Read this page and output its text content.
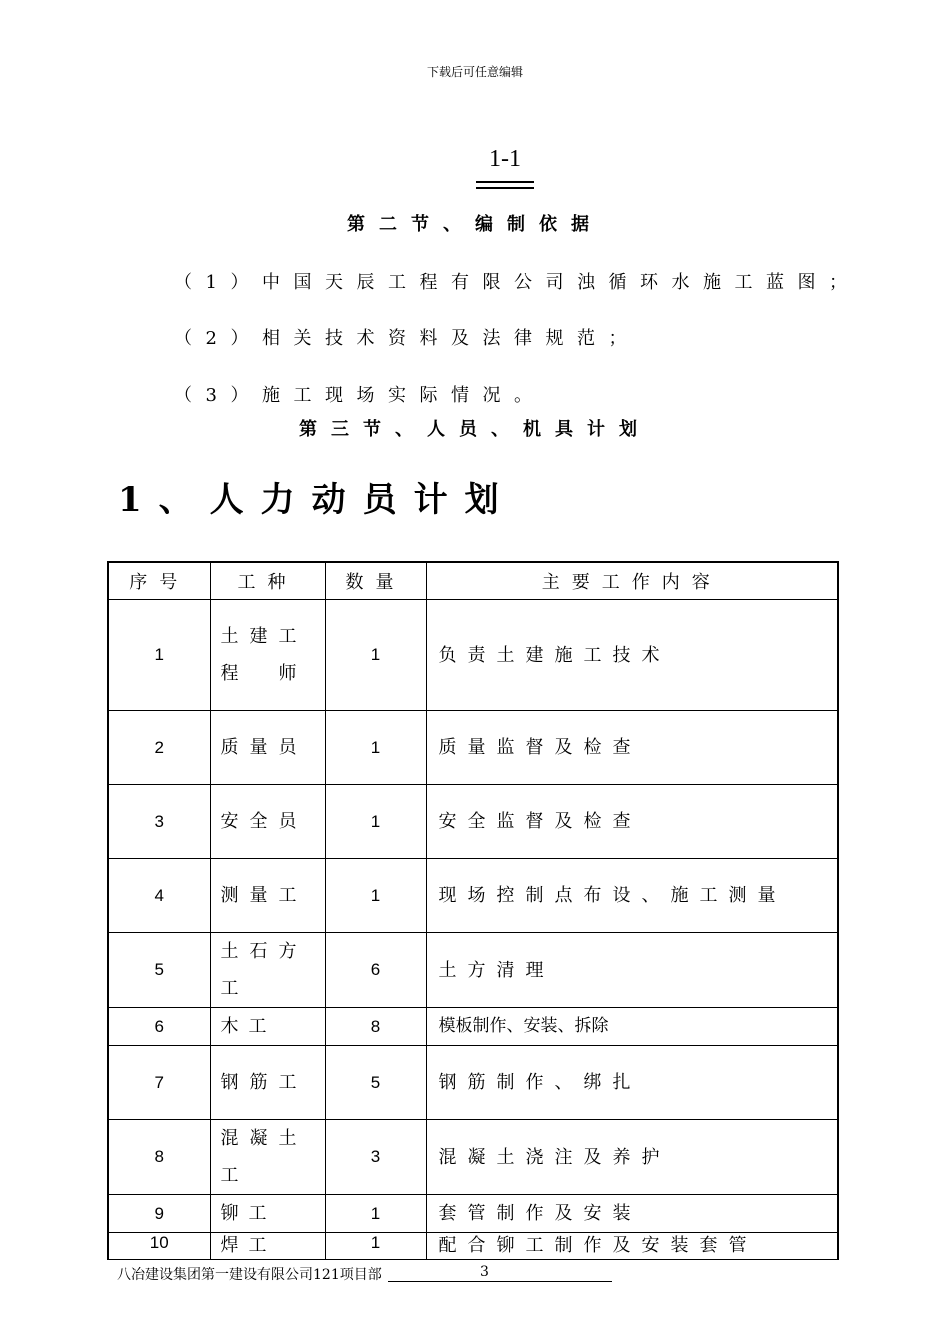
下载后可任意编辑
1-1
第二节、编制依据
（1）中国天辰工程有限公司浊循环水施工蓝图；
（2）相关技术资料及法律规范；
（3）施工现场实际情况。
第三节、人员、机具计划
1、人力动员计划
序号	工种	数量	主要工作内容
1	土建工程师	1	负责土建施工技术
2	质量员	1	质量监督及检查
3	安全员	1	安全监督及检查
4	测量工	1	现场控制点布设、施工测量
5	土石方工	6	土方清理
6	木工	8	模板制作、安装、拆除
7	钢筋工	5	钢筋制作、绑扎
8	混凝土工	3	混凝土浇注及养护
9	铆工	1	套管制作及安装
10	焊工	1	配合铆工制作及安装套管
八冶建设集团第一建设有限公司121项目部	3
